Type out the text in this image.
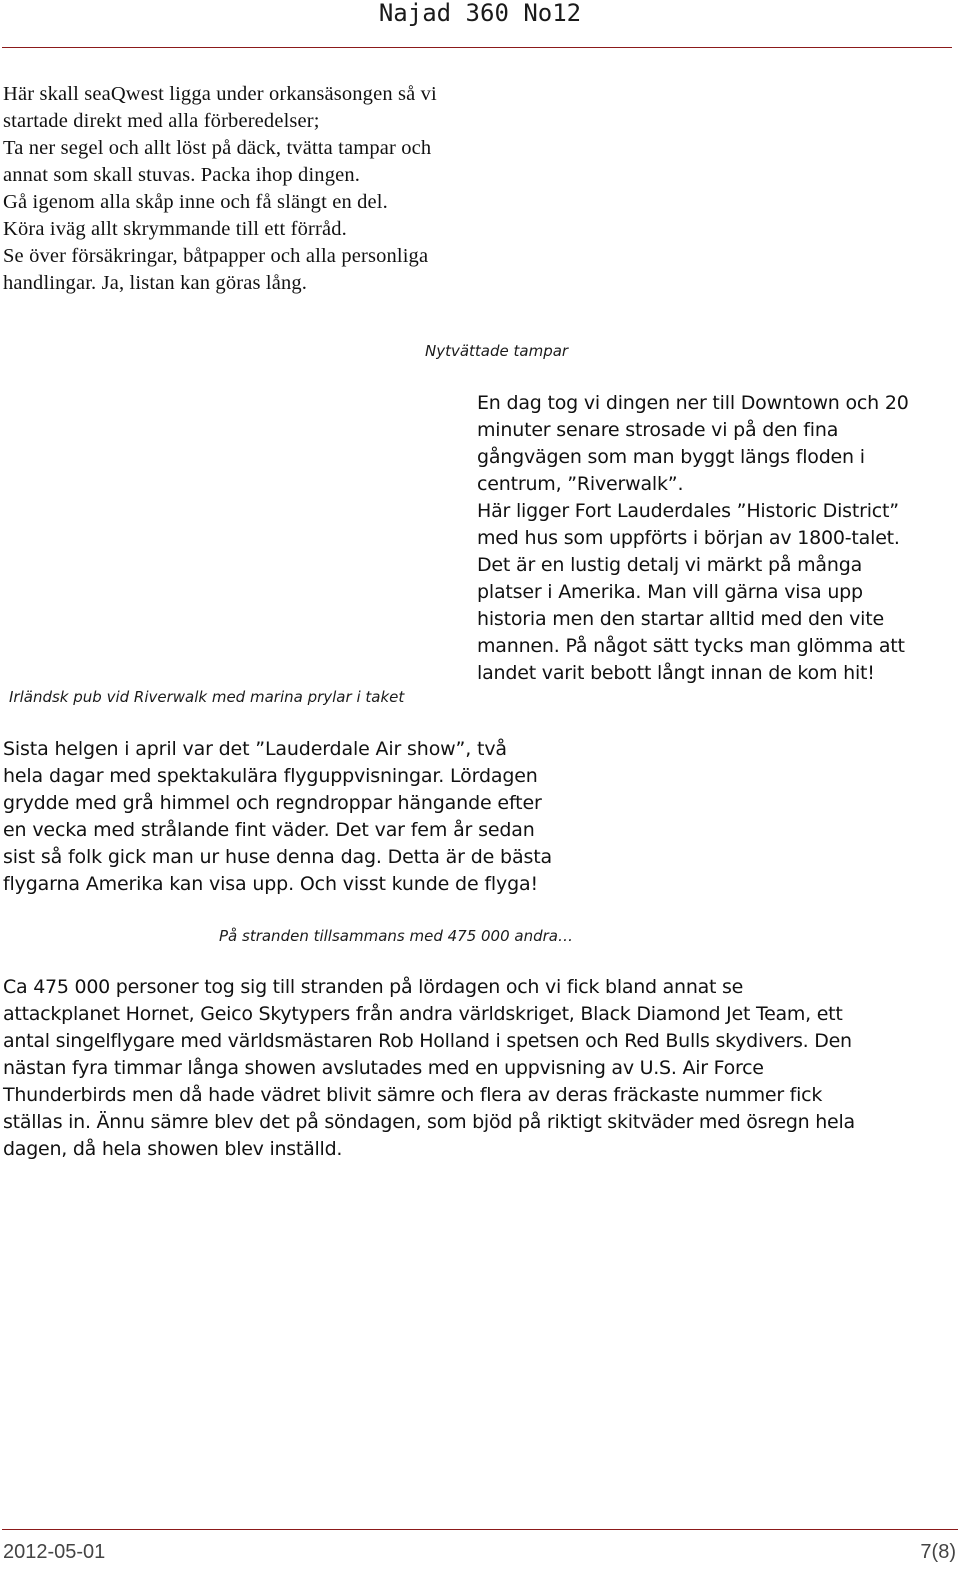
Najad 360 No12
Här skall seaQwest ligga under orkansäsongen så vi
startade direkt med alla förberedelser;
Ta ner segel och allt löst på däck, tvätta tampar och
annat som skall stuvas. Packa ihop dingen.
Gå igenom alla skåp inne och få slängt en del.
Köra iväg allt skrymmande till ett förråd.
Se över försäkringar, båtpapper och alla personliga
handlingar. Ja, listan kan göras lång.
Nytvättade tampar
En dag tog vi dingen ner till Downtown och 20
minuter senare strosade vi på den fina
gångvägen som man byggt längs floden i
centrum, ”Riverwalk”.
Här ligger Fort Lauderdales ”Historic District”
med hus som uppförts i början av 1800-talet.
Det är en lustig detalj vi märkt på många
platser i Amerika. Man vill gärna visa upp
historia men den startar alltid med den vite
mannen. På något sätt tycks man glömma att
landet varit bebott långt innan de kom hit!
Irländsk pub vid Riverwalk med marina prylar i taket
Sista helgen i april var det ”Lauderdale Air show”, två
hela dagar med spektakulära flyguppvisningar. Lördagen
grydde med grå himmel och regndroppar hängande efter
en vecka med strålande fint väder. Det var fem år sedan
sist så folk gick man ur huse denna dag. Detta är de bästa
flygarna Amerika kan visa upp. Och visst kunde de flyga!
På stranden tillsammans med 475 000 andra…
Ca 475 000 personer tog sig till stranden på lördagen och vi fick bland annat se
attackplanet Hornet, Geico Skytypers från andra världskriget, Black Diamond Jet Team, ett
antal singelflygare med världsmästaren Rob Holland i spetsen och Red Bulls skydivers. Den
nästan fyra timmar långa showen avslutades med en uppvisning av U.S. Air Force
Thunderbirds men då hade vädret blivit sämre och flera av deras fräckaste nummer fick
ställas in. Ännu sämre blev det på söndagen, som bjöd på riktigt skitväder med ösregn hela
dagen, då hela showen blev inställd.
2012-05-01	7(8)
